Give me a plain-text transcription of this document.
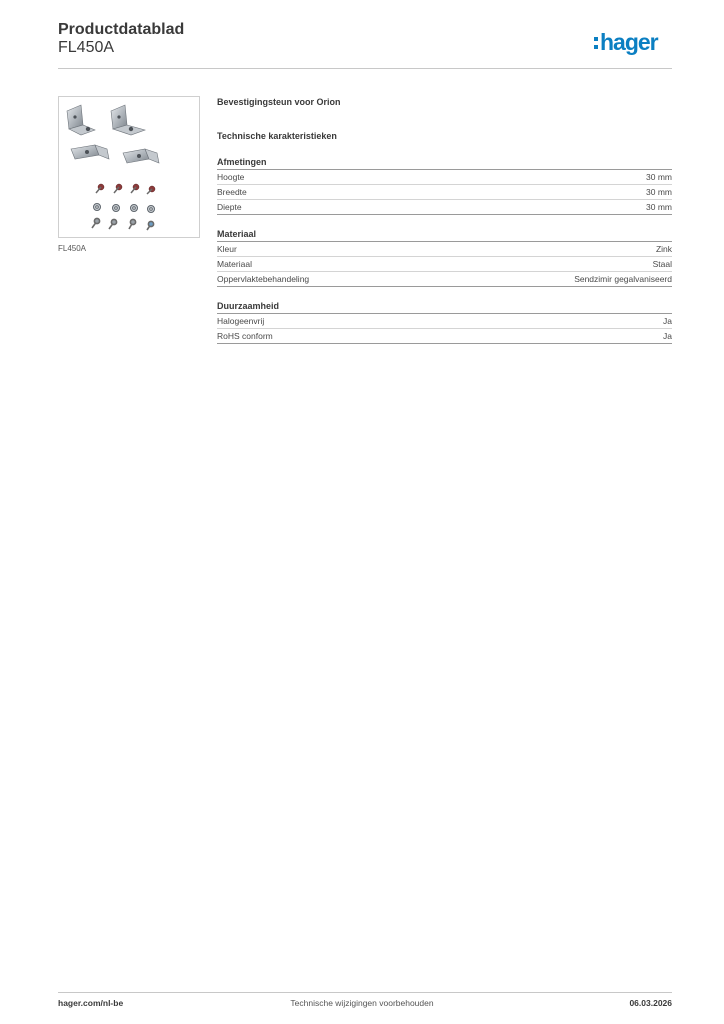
Productdatablad
FL450A	hager
FL450A
Bevestigingsteun voor Orion
Technische karakteristieken
Afmetingen
Hoogte	30 mm
Breedte	30 mm
Diepte	30 mm
Materiaal
Kleur	Zink
Materiaal	Staal
Oppervlaktebehandeling	Sendzimir gegalvaniseerd
Duurzaamheid
Halogeenvrij	Ja
RoHS conform	Ja
hager.com/nl-be	Technische wijzigingen voorbehouden	06.03.2026
